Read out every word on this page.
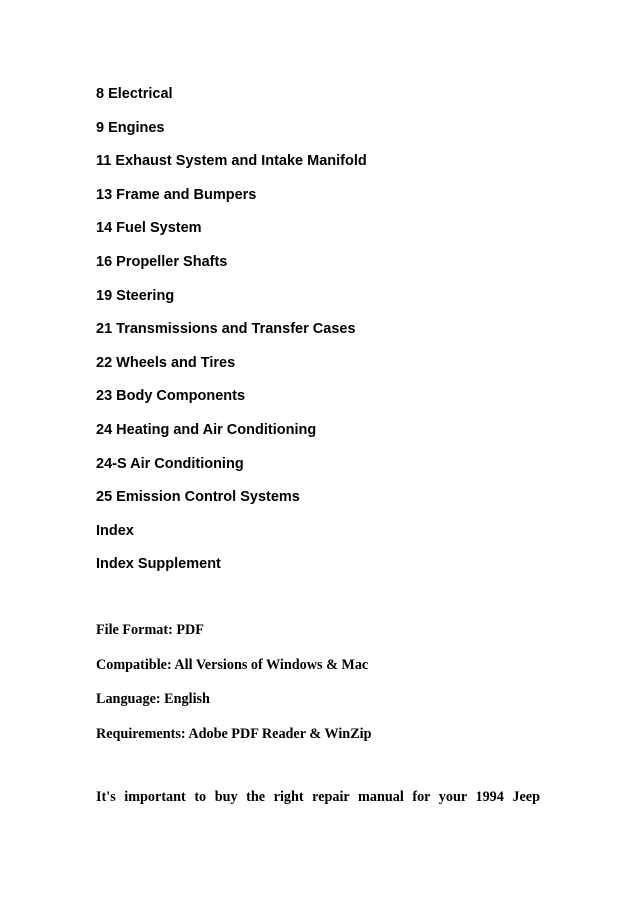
8 Electrical
9 Engines
11 Exhaust System and Intake Manifold
13 Frame and Bumpers
14 Fuel System
16 Propeller Shafts
19 Steering
21 Transmissions and Transfer Cases
22 Wheels and Tires
23 Body Components
24 Heating and Air Conditioning
24-S Air Conditioning
25 Emission Control Systems
Index
Index Supplement
File Format: PDF
Compatible: All Versions of Windows & Mac
Language: English
Requirements: Adobe PDF Reader & WinZip

It's important to buy the right repair manual for your 1994 Jeep
